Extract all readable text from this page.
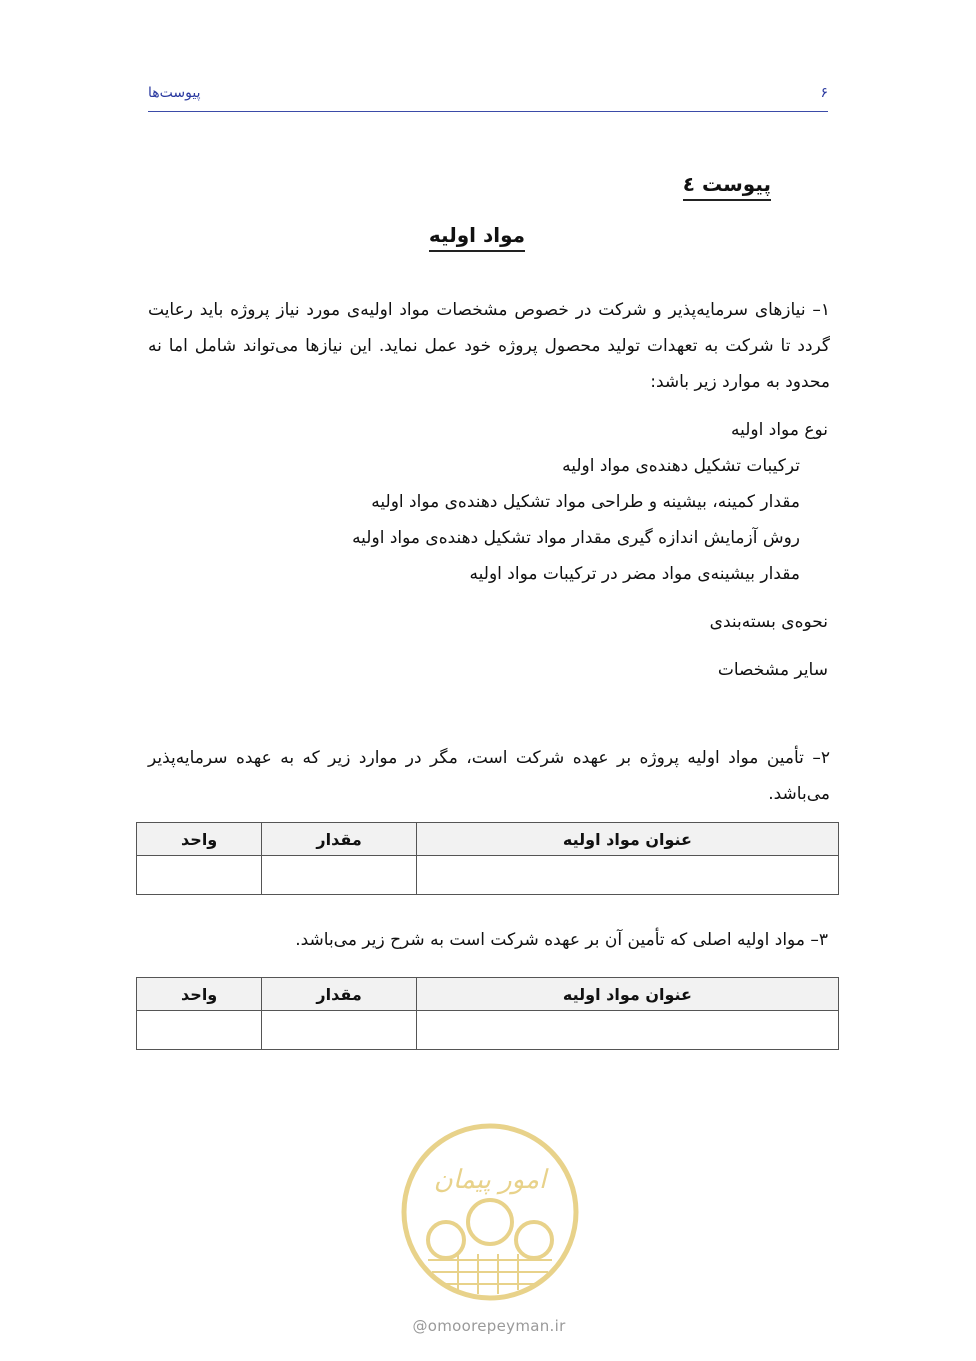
۶
پیوست‌ها
پیوست ٤
مواد اولیه
۱– نیازهای سرمایه‌پذیر و شرکت در خصوص مشخصات مواد اولیه‌ی مورد نیاز پروژه باید رعایت
گردد تا شرکت به تعهدات تولید محصول پروژه خود عمل نماید. این نیازها می‌تواند شامل اما نه
محدود به موارد زیر باشد:
نوع مواد اولیه
ترکیبات تشکیل دهنده‌ی مواد اولیه
مقدار کمینه، بیشینه و طراحی مواد تشکیل دهنده‌ی مواد اولیه
روش آزمایش اندازه گیری مقدار مواد تشکیل دهنده‌ی مواد اولیه
مقدار بیشینه‌ی مواد مضر در ترکیبات مواد اولیه
نحوه‌ی بسته‌بندی
سایر مشخصات
۲– تأمین مواد اولیه پروژه بر عهده شرکت است، مگر در موارد زیر که به عهده سرمایه‌پذیر
می‌باشد.
عنوان مواد اولیه	مقدار	واحد

۳– مواد اولیه اصلی که تأمین آن بر عهده شرکت است به شرح زیر می‌باشد.
عنوان مواد اولیه	مقدار	واحد

امور پیمان
@omoorepeyman.ir
